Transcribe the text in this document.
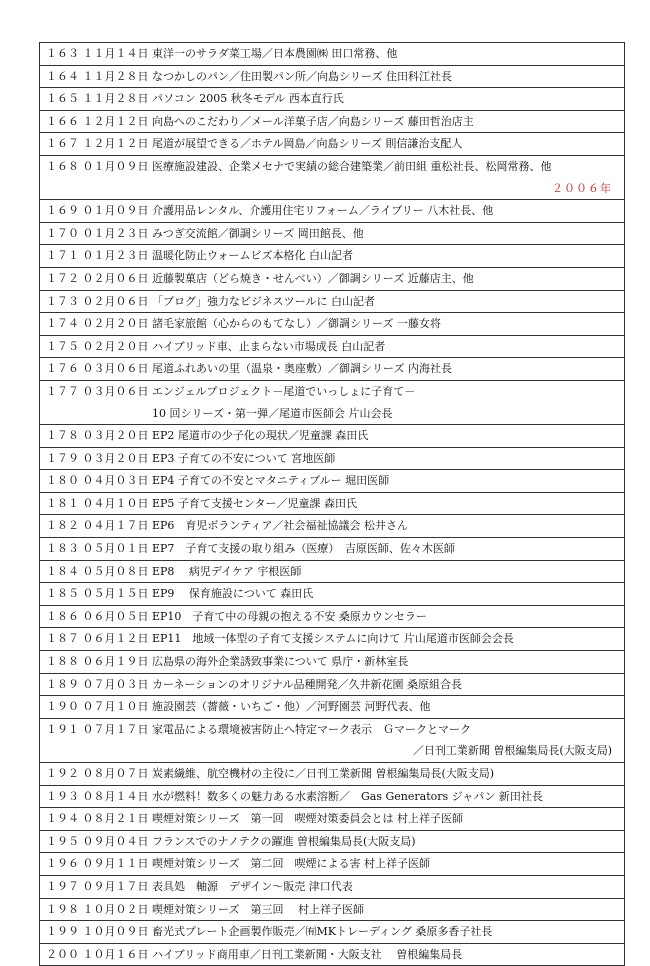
１６３ １１月１４日 東洋一のサラダ菜工場／日本農園㈱ 田口常務、他

１６４ １１月２８日 なつかしのパン／住田製パン所／向島シリーズ 住田科江社長

１６５ １１月２８日 パソコン 2005 秋冬モデル 西本直行氏

１６６ １２月１２日 向島へのこだわり／メール洋菓子店／向島シリーズ 藤田哲治店主

１６７ １２月１２日 尾道が展望できる／ホテル岡島／向島シリーズ 則信謙治支配人

１６８ ０１月０９日 医療施設建設、企業メセナで実績の総合建築業／前田組 重松社長、松岡常務、他
２００６年

１６９ ０１月０９日 介護用品レンタル、介護用住宅リフォーム／ライブリー 八木社長、他

１７０ ０１月２３日 みつぎ交流館／御調シリーズ 岡田館長、他

１７１ ０１月２３日 温暖化防止ウォームビズ本格化 白山記者

１７２ ０２月０６日 近藤製菓店（どら焼き・せんべい）／御調シリーズ 近藤店主、他

１７３ ０２月０６日 「ブログ」強力なビジネスツールに 白山記者

１７４ ０２月２０日 諸毛家旅館（心からのもてなし）／御調シリーズ 一藤女将

１７５ ０２月２０日 ハイブリッド車、止まらない市場成長 白山記者

１７６ ０３月０６日 尾道ふれあいの里（温泉・奥座敷）／御調シリーズ 内海社長

１７７ ０３月０６日 エンジェルプロジェクト－尾道でいっしょに子育て－
10 回シリーズ・第一弾／尾道市医師会 片山会長

１７８ ０３月２０日 EP2 尾道市の少子化の現状／児童課 森田氏

１７９ ０３月２０日 EP3 子育ての不安について 宮地医師

１８０ ０４月０３日 EP4 子育ての不安とマタニティブルー 堀田医師

１８１ ０４月１０日 EP5 子育て支援センター／児童課 森田氏

１８２ ０４月１７日 EP6　育児ボランティア／社会福祉協議会 松井さん

１８３ ０５月０１日 EP7　子育て支援の取り組み（医療）　吉原医師、佐々木医師

１８４ ０５月０８日 EP8　 病児デイケア 宇根医師

１８５ ０５月１５日 EP9　 保育施設について 森田氏

１８６ ０６月０５日 EP10　子育て中の母親の抱える不安 桑原カウンセラー

１８７ ０６月１２日 EP11　地域一体型の子育て支援システムに向けて 片山尾道市医師会会長

１８８ ０６月１９日 広島県の海外企業誘致事業について 県庁・新林室長

１８９ ０７月０３日 カーネーションのオリジナル品種開発／久井新花園 桑原組合長

１９０ ０７月１０日 施設園芸（薔薇・いちご・他）／河野園芸 河野代表、他

１９１ ０７月１７日 家電品による環境被害防止へ特定マーク表示　Ｇマークとマーク
／日刊工業新聞 曽根編集局長(大阪支局)

１９２ ０８月０７日 炭素繊維、航空機材の主役に／日刊工業新聞 曽根編集局長(大阪支局)

１９３ ０８月１４日 水が燃料！数多くの魅力ある水素溶断／　Gas Generators ジャパン 新田社長

１９４ ０８月２１日 喫煙対策シリーズ　第一回　喫煙対策委員会とは 村上祥子医師

１９５ ０９月０４日 フランスでのナノテクの躍進 曽根編集局長(大阪支局)

１９６ ０９月１１日 喫煙対策シリーズ　第二回　喫煙による害 村上祥子医師

１９７ ０９月１７日 表具処　軸源　デザイン～販売 津口代表

１９８ １０月０２日 喫煙対策シリーズ　第三回　 村上祥子医師

１９９ １０月０９日 畜光式プレート企画製作販売／㈲MKトレーディング 桑原多香子社長

２００ １０月１６日 ハイブリッド商用車／日刊工業新聞・大阪支社　 曽根編集局長
